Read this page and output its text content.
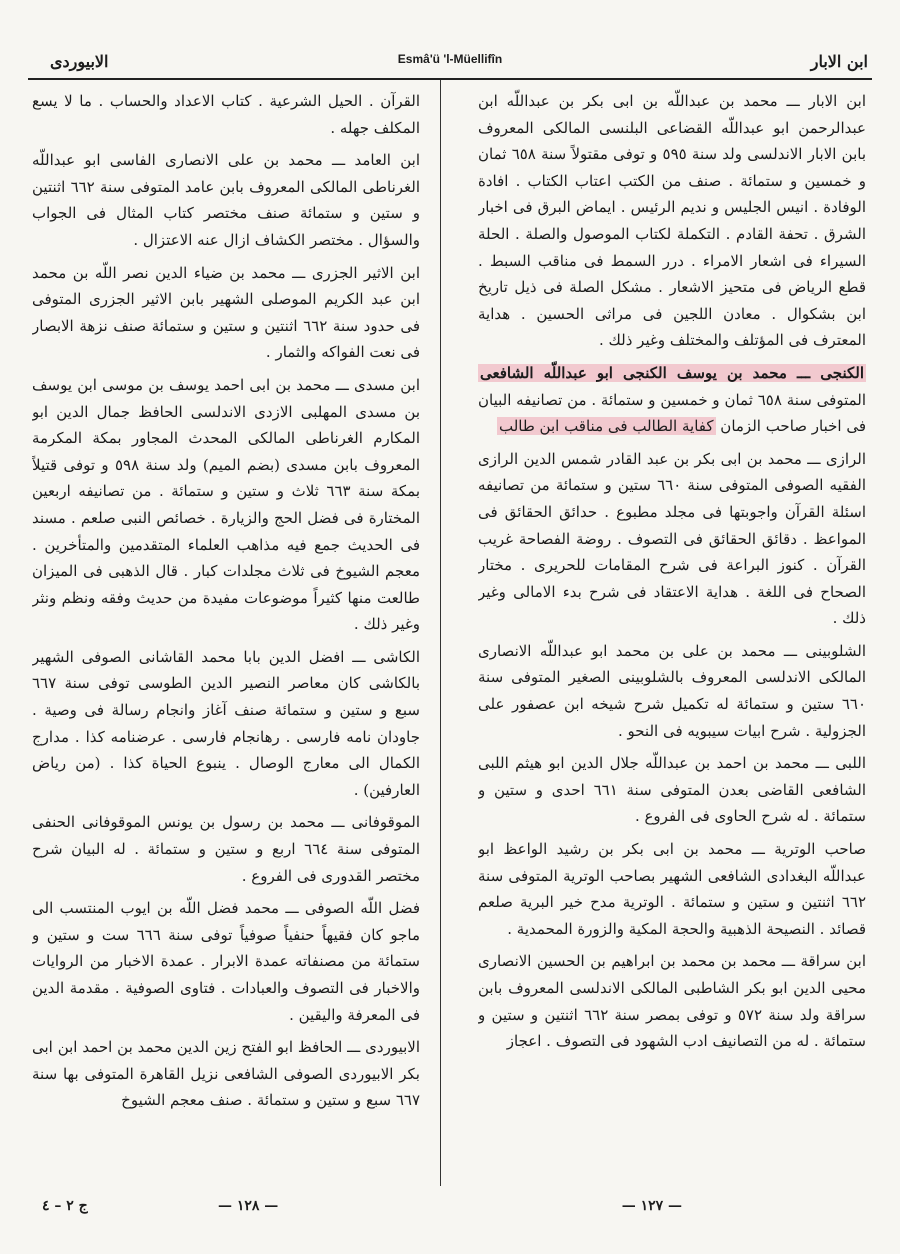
الابيوردى	Esmâ'ü 'l-Müellifîn	ابن الابار

ابن الابار ـــ محمد بن عبداللّه بن ابى بكر بن عبداللّه ابن عبدالرحمن ابو عبداللّه القضاعى البلنسى المالكى المعروف بابن الابار الاندلسى ولد سنة ٥٩٥ و توفى مقتولاً سنة ٦٥٨ ثمان و خمسين و ستمائة . صنف من الكتب اعتاب الكتاب . افادة الوفادة . انيس الجليس و نديم الرئيس . ايماض البرق فى اخبار الشرق . تحفة القادم . التكملة لكتاب الموصول والصلة . الحلة السيراء فى اشعار الامراء . درر السمط فى مناقب السبط . قطع الرياض فى متحيز الاشعار . مشكل الصلة فى ذيل تاريخ ابن بشكوال . معادن اللجين فى مراثى الحسين . هداية المعترف فى المؤتلف والمختلف وغير ذلك .

الكنجى ـــ محمد بن يوسف الكنجى ابو عبداللّه الشافعى المتوفى سنة ٦٥٨ ثمان و خمسين و ستمائة . من تصانيفه البيان فى اخبار صاحب الزمان كفاية الطالب فى مناقب ابن طالب

الرازى ـــ محمد بن ابى بكر بن عبد القادر شمس الدين الرازى الفقيه الصوفى المتوفى سنة ٦٦٠ ستين و ستمائة من تصانيفه اسئلة القرآن واجوبتها فى مجلد مطبوع . حدائق الحقائق فى المواعظ . دقائق الحقائق فى التصوف . روضة الفصاحة غريب القرآن . كنوز البراعة فى شرح المقامات للحريرى . مختار الصحاح فى اللغة . هداية الاعتقاد فى شرح بدء الامالى وغير ذلك .

الشلوبينى ـــ محمد بن على بن محمد ابو عبداللّه الانصارى المالكى الاندلسى المعروف بالشلوبينى الصغير المتوفى سنة ٦٦٠ ستين و ستمائة له تكميل شرح شيخه ابن عصفور على الجزولية . شرح ابيات سيبويه فى النحو .

اللبى ـــ محمد بن احمد بن عبداللّه جلال الدين ابو هيثم اللبى الشافعى القاضى بعدن المتوفى سنة ٦٦١ احدى و ستين و ستمائة . له شرح الحاوى فى الفروع .

صاحب الوترية ـــ محمد بن ابى بكر بن رشيد الواعظ ابو عبداللّه البغدادى الشافعى الشهير بصاحب الوترية المتوفى سنة ٦٦٢ اثنتين و ستين و ستمائة . الوترية مدح خير البرية صلعم قصائد . النصيحة الذهبية والحجة المكية والزورة المحمدية .

ابن سراقة ـــ محمد بن محمد بن ابراهيم بن الحسين الانصارى محيى الدين ابو بكر الشاطبى المالكى الاندلسى المعروف بابن سراقة ولد سنة ٥٧٢ و توفى بمصر سنة ٦٦٢ اثنتين و ستين و ستمائة . له من التصانيف ادب الشهود فى التصوف . اعجاز

القرآن . الحيل الشرعية . كتاب الاعداد والحساب . ما لا يسع المكلف جهله .

ابن العامد ـــ محمد بن على الانصارى الفاسى ابو عبداللّه الغرناطى المالكى المعروف بابن عامد المتوفى سنة ٦٦٢ اثنتين و ستين و ستمائة صنف مختصر كتاب المثال فى الجواب والسؤال . مختصر الكشاف ازال عنه الاعتزال .

ابن الاثير الجزرى ـــ محمد بن ضياء الدين نصر اللّه بن محمد ابن عبد الكريم الموصلى الشهير بابن الاثير الجزرى المتوفى فى حدود سنة ٦٦٢ اثنتين و ستين و ستمائة صنف نزهة الابصار فى نعت الفواكه والثمار .

ابن مسدى ـــ محمد بن ابى احمد يوسف بن موسى ابن يوسف بن مسدى المهلبى الازدى الاندلسى الحافظ جمال الدين ابو المكارم الغرناطى المالكى المحدث المجاور بمكة المكرمة المعروف بابن مسدى (بضم الميم) ولد سنة ٥٩٨ و توفى قتيلاً بمكة سنة ٦٦٣ ثلاث و ستين و ستمائة . من تصانيفه اربعين المختارة فى فضل الحج والزيارة . خصائص النبى صلعم . مسند فى الحديث جمع فيه مذاهب العلماء المتقدمين والمتأخرين . معجم الشيوخ فى ثلاث مجلدات كبار . قال الذهبى فى الميزان طالعت منها كثيراً موضوعات مفيدة من حديث وفقه ونظم ونثر وغير ذلك .

الكاشى ـــ افضل الدين بابا محمد القاشانى الصوفى الشهير بالكاشى كان معاصر النصير الدين الطوسى توفى سنة ٦٦٧ سبع و ستين و ستمائة صنف آغاز وانجام رسالة فى وصية . جاودان نامه فارسى . رهانجام فارسى . عرضنامه كذا . مدارج الكمال الى معارج الوصال . ينبوع الحياة كذا . (من رياض العارفين) .

الموقوفانى ـــ محمد بن رسول بن يونس الموقوفانى الحنفى المتوفى سنة ٦٦٤ اربع و ستين و ستمائة . له البيان شرح مختصر القدورى فى الفروع .

فضل اللّه الصوفى ـــ محمد فضل اللّه بن ايوب المنتسب الى ماجو كان فقيهاً حنفياً صوفياً توفى سنة ٦٦٦ ست و ستين و ستمائة من مصنفاته عمدة الابرار . عمدة الاخبار من الروايات والاخبار فى التصوف والعبادات . فتاوى الصوفية . مقدمة الدين فى المعرفة واليقين .

الابيوردى ـــ الحافظ ابو الفتح زين الدين محمد بن احمد ابن ابى بكر الابيوردى الصوفى الشافعى نزيل القاهرة المتوفى بها سنة ٦٦٧ سبع و ستين و ستمائة . صنف معجم الشيوخ

ج ٢ – ٤	— ١٢٨ —	— ١٢٧ —
